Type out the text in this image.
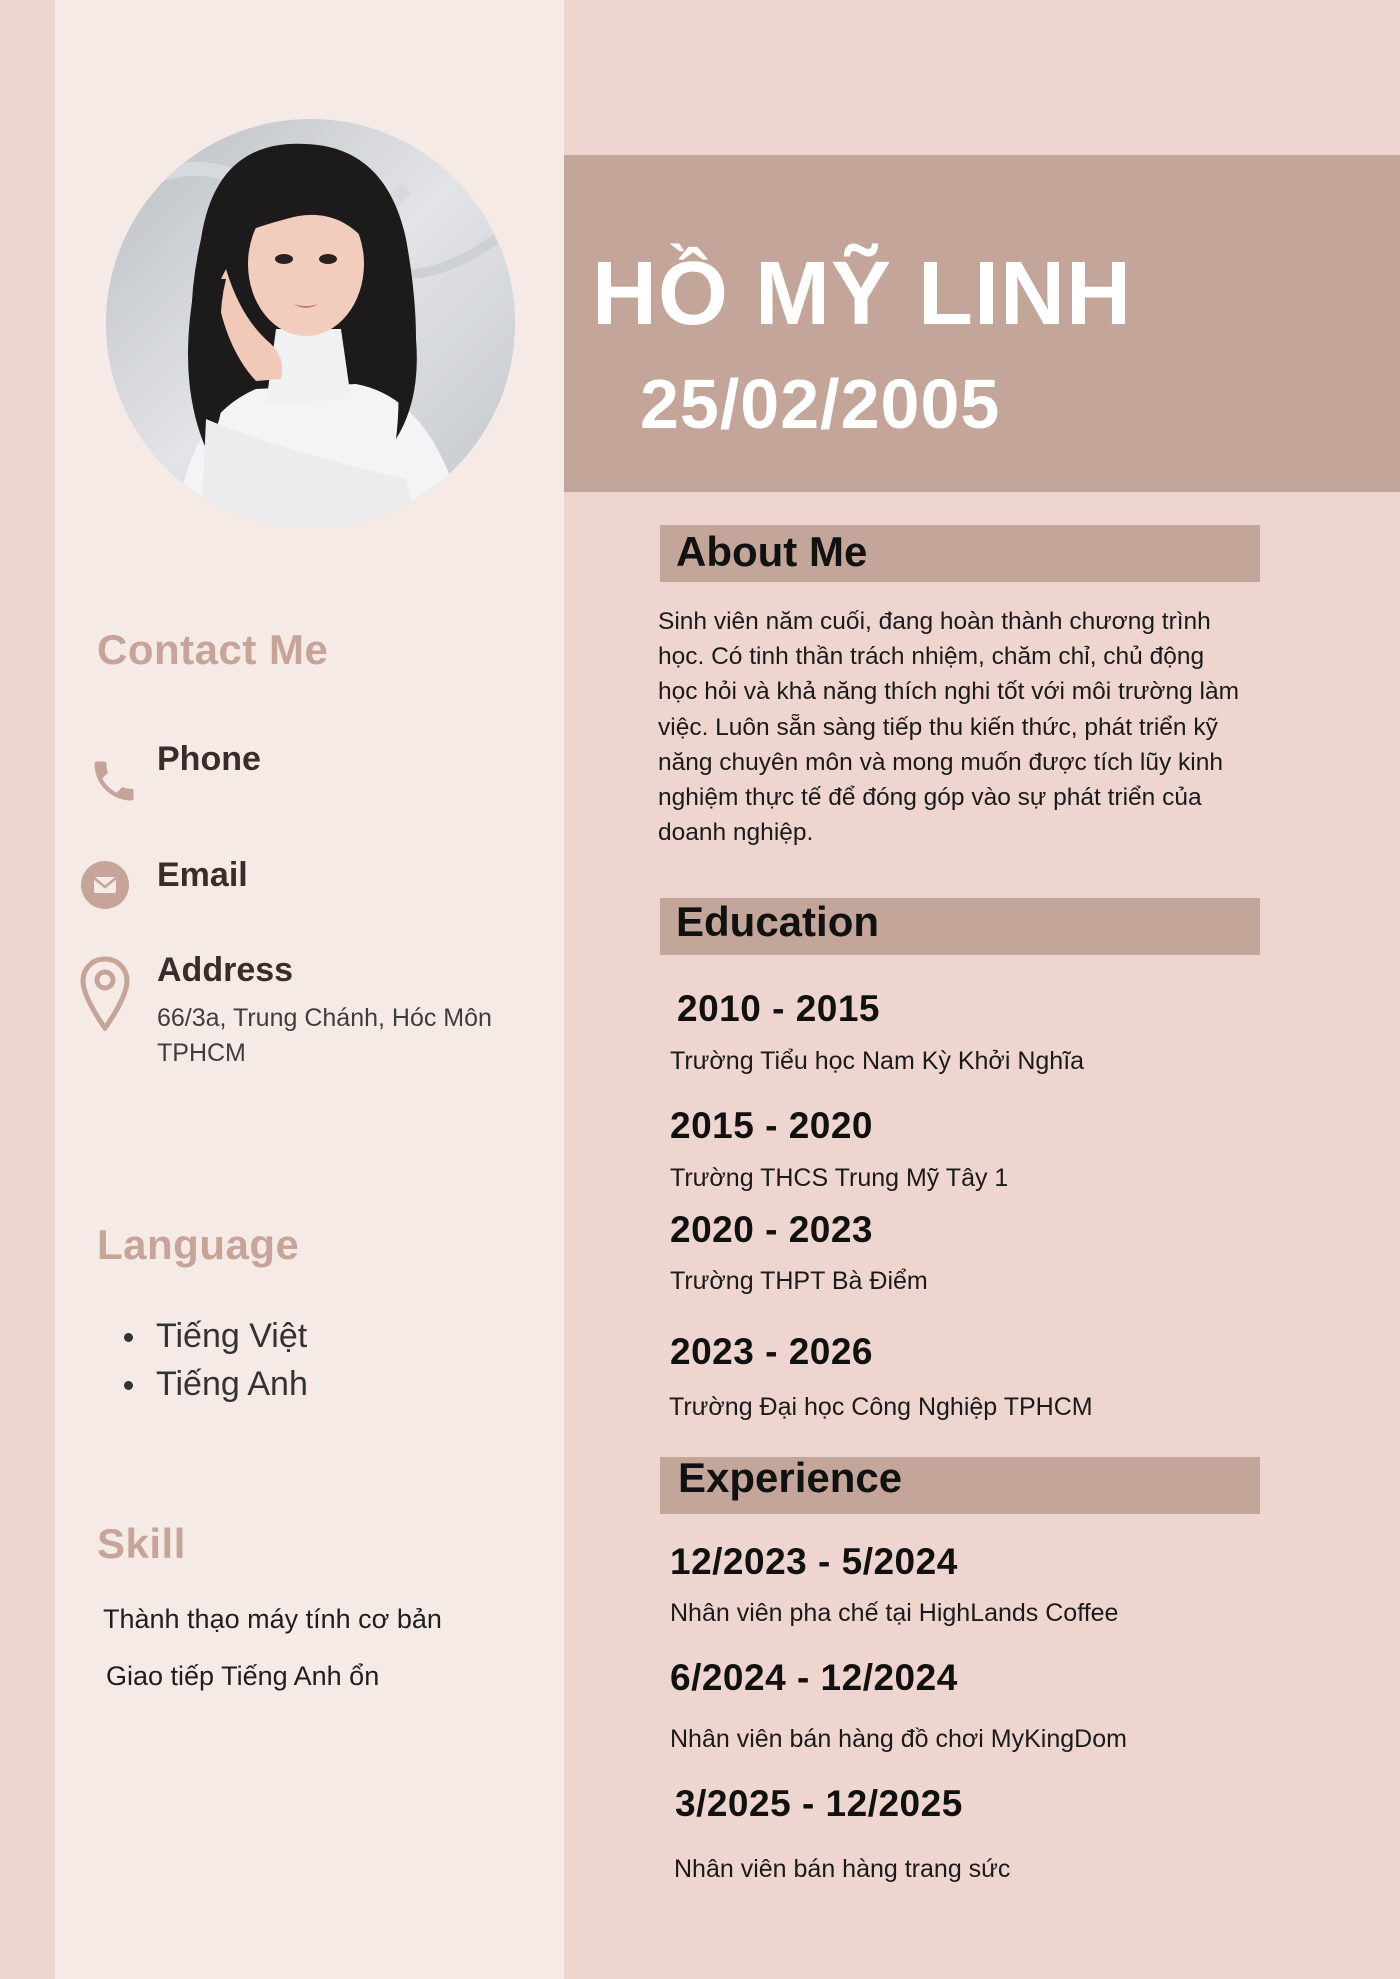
Contact Me
Phone
Email
Address
66/3a, Trung Chánh, Hóc Môn TPHCM
Language
Tiếng Việt
Tiếng Anh
Skill
Thành thạo máy tính cơ bản
Giao tiếp Tiếng Anh ổn
HỒ MỸ LINH
25/02/2005
About Me
Sinh viên năm cuối, đang hoàn thành chương trình học. Có tinh thần trách nhiệm, chăm chỉ, chủ động học hỏi và khả năng thích nghi tốt với môi trường làm việc. Luôn sẵn sàng tiếp thu kiến thức, phát triển kỹ năng chuyên môn và mong muốn được tích lũy kinh nghiệm thực tế để đóng góp vào sự phát triển của doanh nghiệp.
Education
2010 - 2015
Trường Tiểu học Nam Kỳ Khởi Nghĩa
2015 - 2020
Trường THCS Trung Mỹ Tây 1
2020 - 2023
Trường THPT Bà Điểm
2023 - 2026
Trường Đại học Công Nghiệp TPHCM
Experience
12/2023 - 5/2024
Nhân viên pha chế tại HighLands Coffee
6/2024 - 12/2024
Nhân viên bán hàng đồ chơi MyKingDom
3/2025 - 12/2025
Nhân viên bán hàng trang sức
